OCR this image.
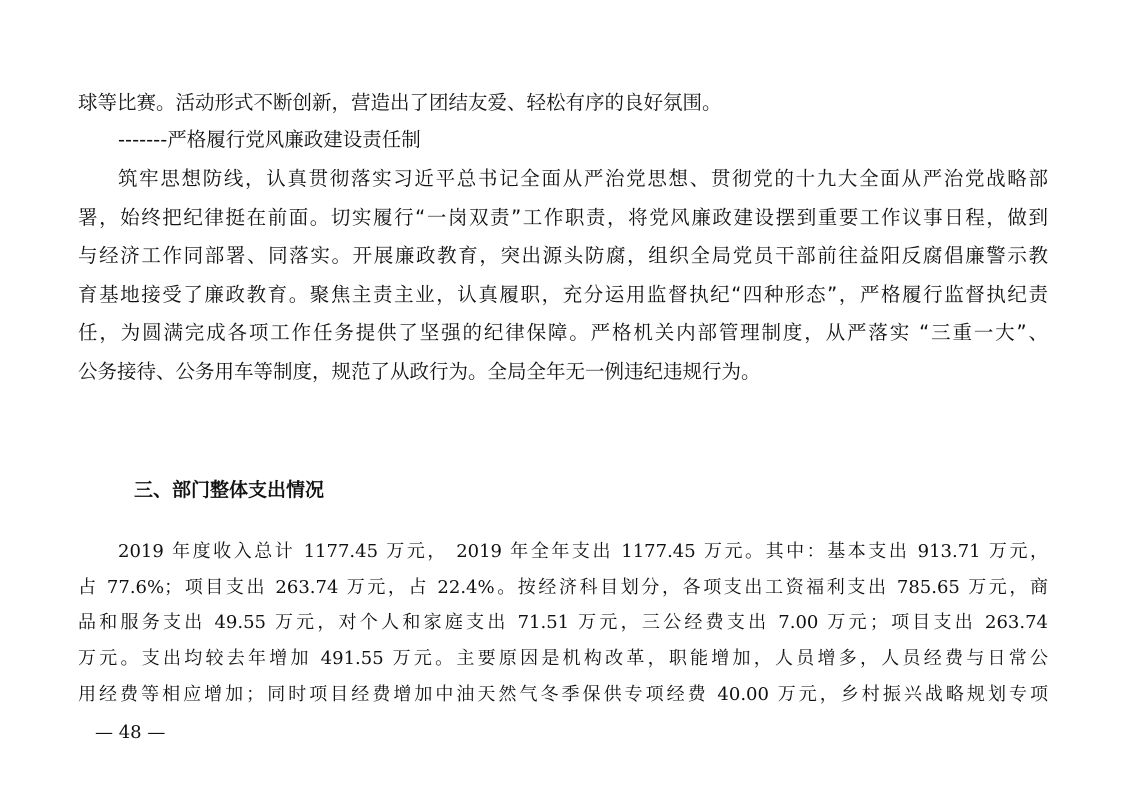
球等比赛。活动形式不断创新，营造出了团结友爱、轻松有序的良好氛围。
-------严格履行党风廉政建设责任制
筑牢思想防线，认真贯彻落实习近平总书记全面从严治党思想、贯彻党的十九大全面从严治党战略部
署，始终把纪律挺在前面。切实履行“一岗双责”工作职责，将党风廉政建设摆到重要工作议事日程，做到
与经济工作同部署、同落实。开展廉政教育，突出源头防腐，组织全局党员干部前往益阳反腐倡廉警示教
育基地接受了廉政教育。聚焦主责主业，认真履职，充分运用监督执纪“四种形态”，严格履行监督执纪责
任，为圆满完成各项工作任务提供了坚强的纪律保障。严格机关内部管理制度，从严落实 “三重一大”、
公务接待、公务用车等制度，规范了从政行为。全局全年无一例违纪违规行为。
三、部门整体支出情况
2019 年度收入总计 1177.45 万元， 2019 年全年支出 1177.45 万元。其中：基本支出 913.71 万元，
占 77.6%；项目支出 263.74 万元，占 22.4%。按经济科目划分，各项支出工资福利支出 785.65 万元，商
品和服务支出 49.55 万元，对个人和家庭支出 71.51 万元，三公经费支出 7.00 万元；项目支出 263.74
万元。支出均较去年增加 491.55 万元。主要原因是机构改革，职能增加，人员增多，人员经费与日常公
用经费等相应增加；同时项目经费增加中油天然气冬季保供专项经费 40.00 万元，乡村振兴战略规划专项
— 48 —
